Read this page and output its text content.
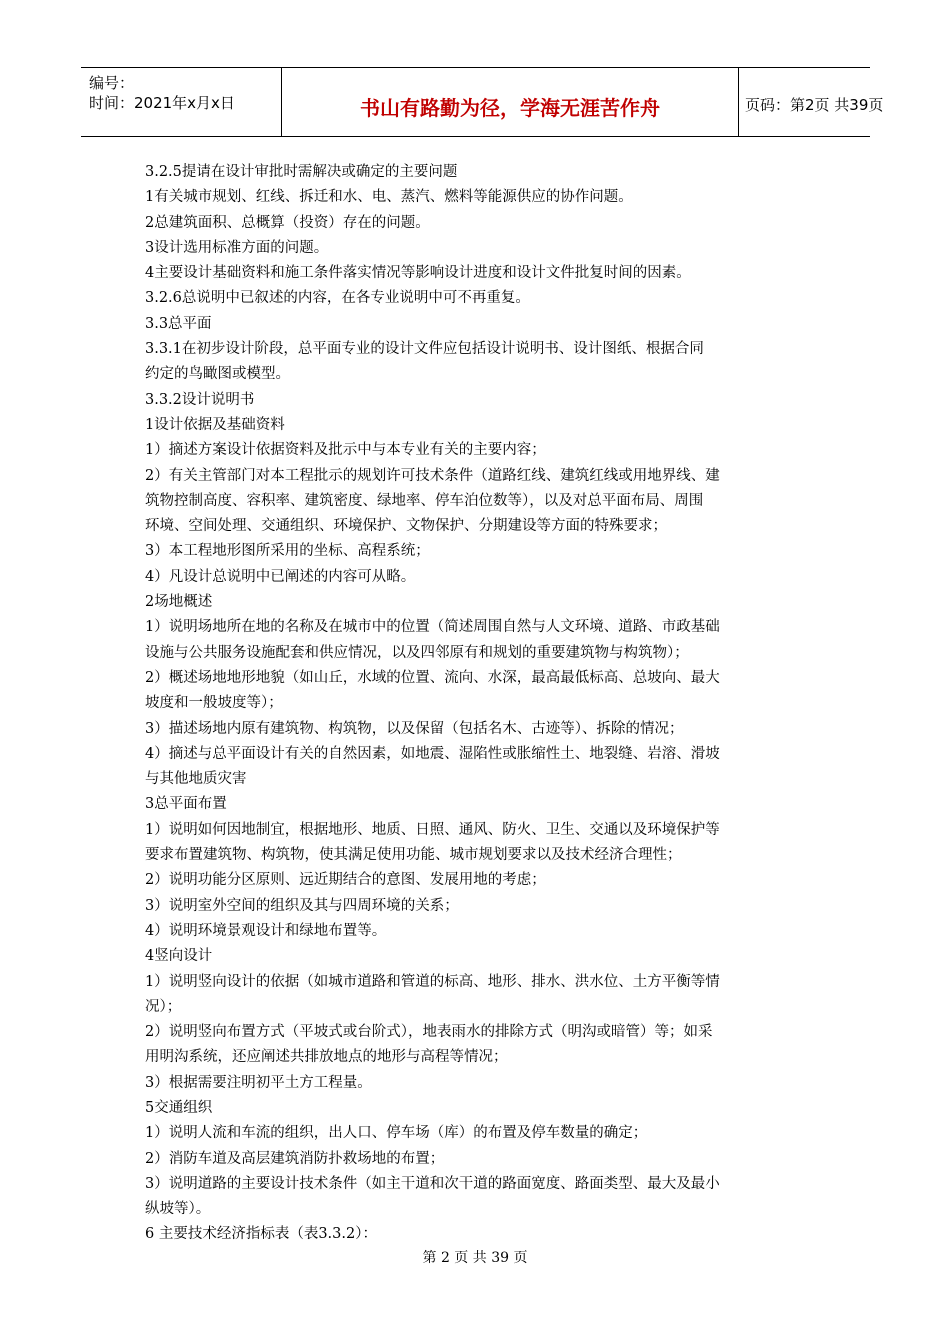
编号：
时间：2021年x月x日	书山有路勤为径，学海无涯苦作舟	页码：第2页 共39页

3.2.5提请在设计审批时需解决或确定的主要问题

1有关城市规划、红线、拆迁和水、电、蒸汽、燃料等能源供应的协作问题。

2总建筑面积、总概算（投资）存在的问题。

3设计选用标准方面的问题。

4主要设计基础资料和施工条件落实情况等影响设计进度和设计文件批复时间的因素。

3.2.6总说明中已叙述的内容，在各专业说明中可不再重复。

3.3总平面

3.3.1在初步设计阶段，总平面专业的设计文件应包括设计说明书、设计图纸、根据合同

约定的鸟瞰图或模型。

3.3.2设计说明书

1设计依据及基础资料

1）摘述方案设计依据资料及批示中与本专业有关的主要内容；

2）有关主管部门对本工程批示的规划许可技术条件（道路红线、建筑红线或用地界线、建

筑物控制高度、容积率、建筑密度、绿地率、停车泊位数等），以及对总平面布局、周围

环境、空间处理、交通组织、环境保护、文物保护、分期建设等方面的特殊要求；

3）本工程地形图所采用的坐标、高程系统；

4）凡设计总说明中已阐述的内容可从略。

2场地概述

1）说明场地所在地的名称及在城市中的位置（简述周围自然与人文环境、道路、市政基础

设施与公共服务设施配套和供应情况，以及四邻原有和规划的重要建筑物与构筑物）；

2）概述场地地形地貌（如山丘，水域的位置、流向、水深，最高最低标高、总坡向、最大

坡度和一般坡度等）；

3）描述场地内原有建筑物、构筑物，以及保留（包括名木、古迹等）、拆除的情况；

4）摘述与总平面设计有关的自然因素，如地震、湿陷性或胀缩性土、地裂缝、岩溶、滑坡

与其他地质灾害

3总平面布置

1）说明如何因地制宜，根据地形、地质、日照、通风、防火、卫生、交通以及环境保护等

要求布置建筑物、构筑物，使其满足使用功能、城市规划要求以及技术经济合理性；

2）说明功能分区原则、远近期结合的意图、发展用地的考虑；

3）说明室外空间的组织及其与四周环境的关系；

4）说明环境景观设计和绿地布置等。

4竖向设计

1）说明竖向设计的依据（如城市道路和管道的标高、地形、排水、洪水位、土方平衡等情

况）；

2）说明竖向布置方式（平坡式或台阶式），地表雨水的排除方式（明沟或暗管）等；如采

用明沟系统，还应阐述共排放地点的地形与高程等情况；

3）根据需要注明初平土方工程量。

5交通组织

1）说明人流和车流的组织，出人口、停车场（库）的布置及停车数量的确定；

2）消防车道及高层建筑消防扑救场地的布置；

3）说明道路的主要设计技术条件（如主干道和次干道的路面宽度、路面类型、最大及最小

纵坡等）。

6 主要技术经济指标表（表3.3.2）：

第 2 页 共 39 页
